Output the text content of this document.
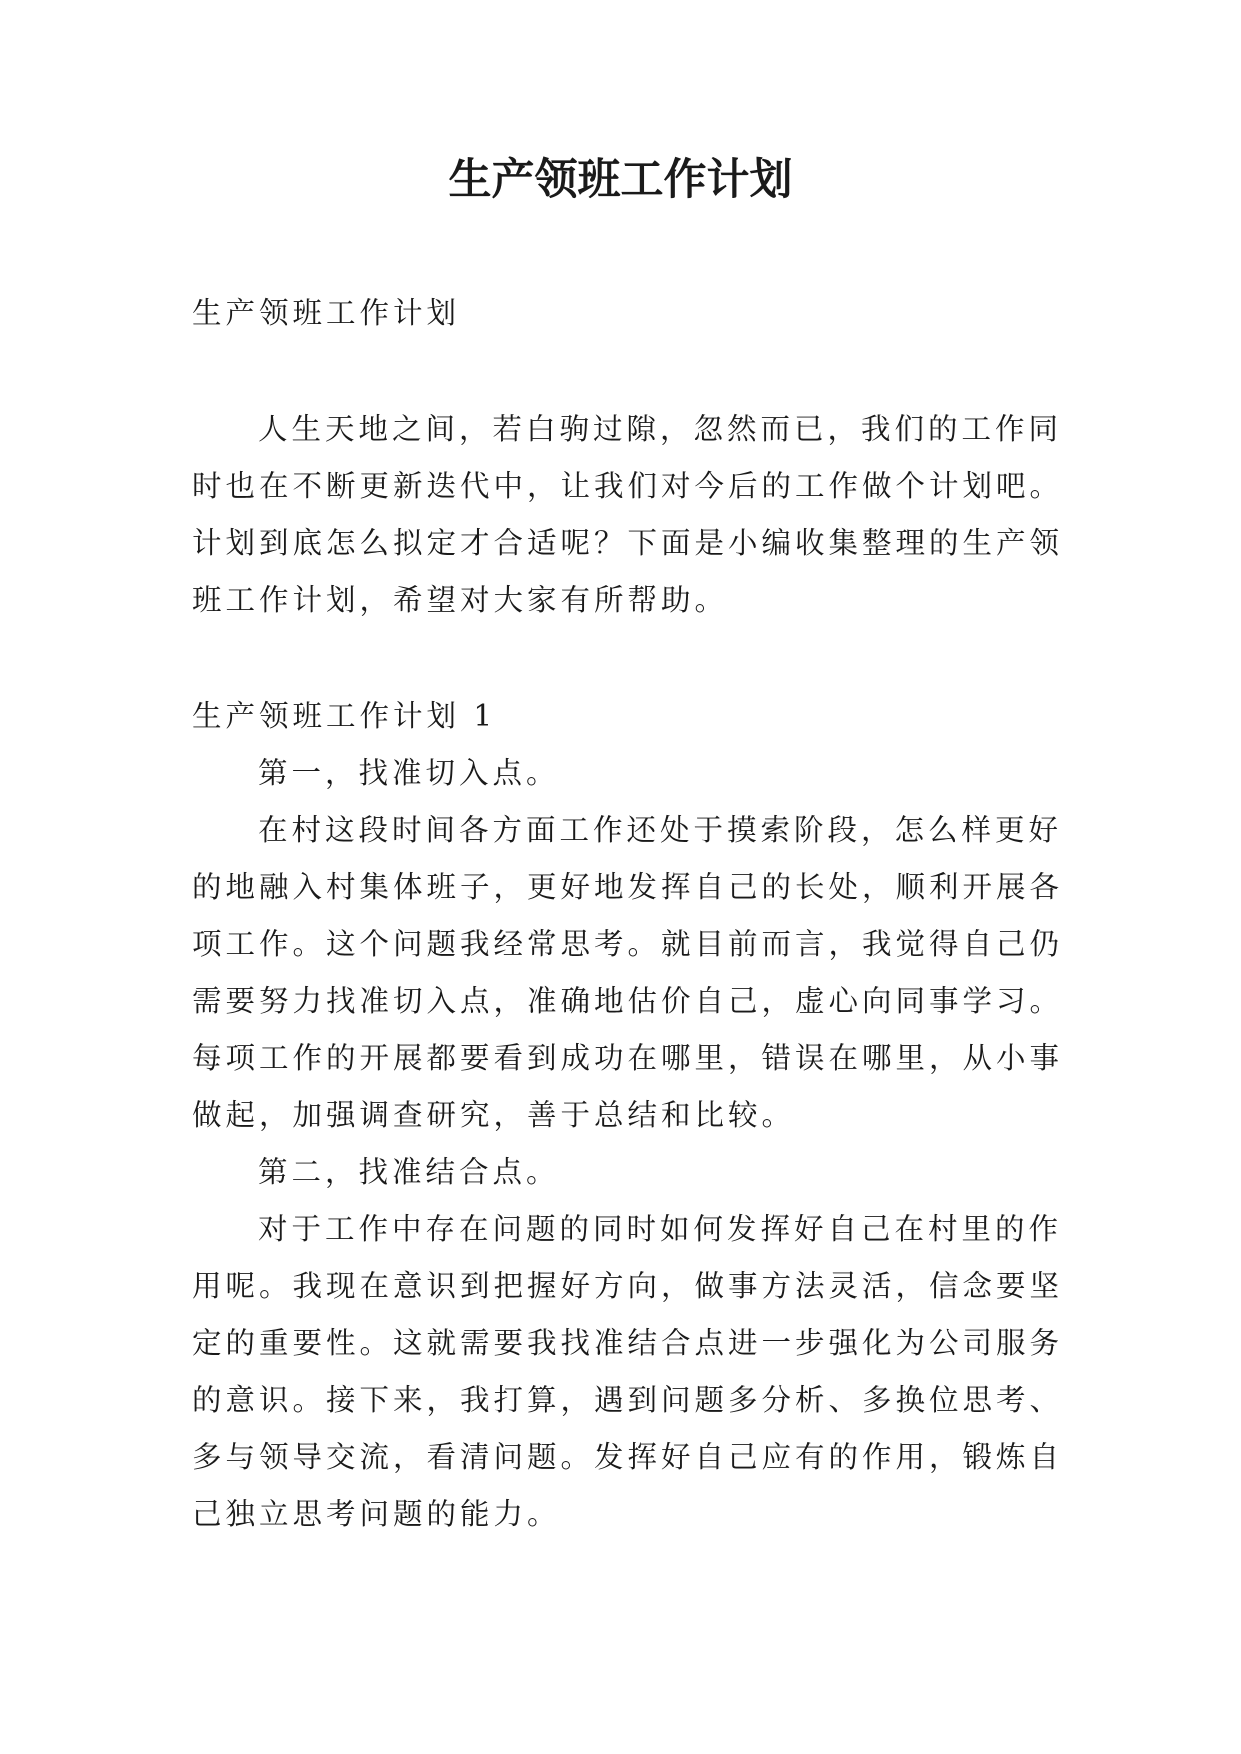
生产领班工作计划

生产领班工作计划

人生天地之间，若白驹过隙，忽然而已，我们的工作同时也在不断更新迭代中，让我们对今后的工作做个计划吧。计划到底怎么拟定才合适呢？下面是小编收集整理的生产领班工作计划，希望对大家有所帮助。

生产领班工作计划 1

第一，找准切入点。

在村这段时间各方面工作还处于摸索阶段，怎么样更好的地融入村集体班子，更好地发挥自己的长处，顺利开展各项工作。这个问题我经常思考。就目前而言，我觉得自己仍需要努力找准切入点，准确地估价自己，虚心向同事学习。每项工作的开展都要看到成功在哪里，错误在哪里，从小事做起，加强调查研究，善于总结和比较。

第二，找准结合点。

对于工作中存在问题的同时如何发挥好自己在村里的作用呢。我现在意识到把握好方向，做事方法灵活，信念要坚定的重要性。这就需要我找准结合点进一步强化为公司服务的意识。接下来，我打算，遇到问题多分析、多换位思考、多与领导交流，看清问题。发挥好自己应有的作用，锻炼自己独立思考问题的能力。
